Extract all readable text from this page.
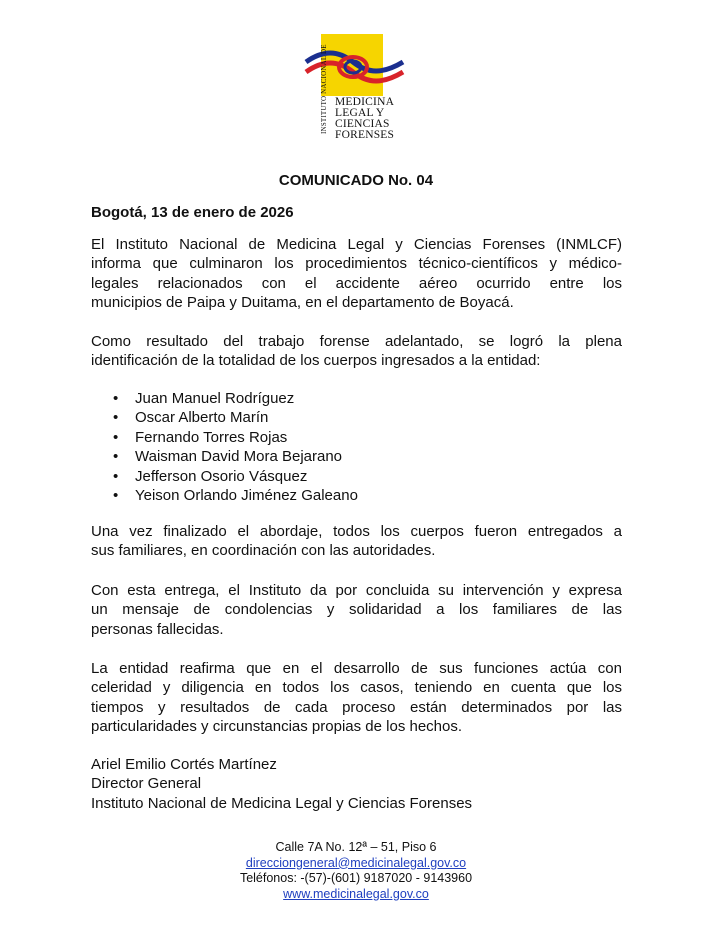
INSTITUTO NACIONAL DE MEDICINA
LEGAL Y
CIENCIAS
FORENSES
COMUNICADO No. 04
Bogotá, 13 de enero de 2026
El Instituto Nacional de Medicina Legal y Ciencias Forenses (INMLCF)
informa que culminaron los procedimientos técnico-científicos y médico-
legales relacionados con el accidente aéreo ocurrido entre los
municipios de Paipa y Duitama, en el departamento de Boyacá.
Como resultado del trabajo forense adelantado, se logró la plena
identificación de la totalidad de los cuerpos ingresados a la entidad:
• Juan Manuel Rodríguez
• Oscar Alberto Marín
• Fernando Torres Rojas
• Waisman David Mora Bejarano
• Jefferson Osorio Vásquez
• Yeison Orlando Jiménez Galeano
Una vez finalizado el abordaje, todos los cuerpos fueron entregados a
sus familiares, en coordinación con las autoridades.
Con esta entrega, el Instituto da por concluida su intervención y expresa
un mensaje de condolencias y solidaridad a los familiares de las
personas fallecidas.
La entidad reafirma que en el desarrollo de sus funciones actúa con
celeridad y diligencia en todos los casos, teniendo en cuenta que los
tiempos y resultados de cada proceso están determinados por las
particularidades y circunstancias propias de los hechos.
Ariel Emilio Cortés Martínez
Director General
Instituto Nacional de Medicina Legal y Ciencias Forenses
Calle 7A No. 12ª – 51, Piso 6
direcciongeneral@medicinalegal.gov.co
Teléfonos: -(57)-(601) 9187020 - 9143960
www.medicinalegal.gov.co
